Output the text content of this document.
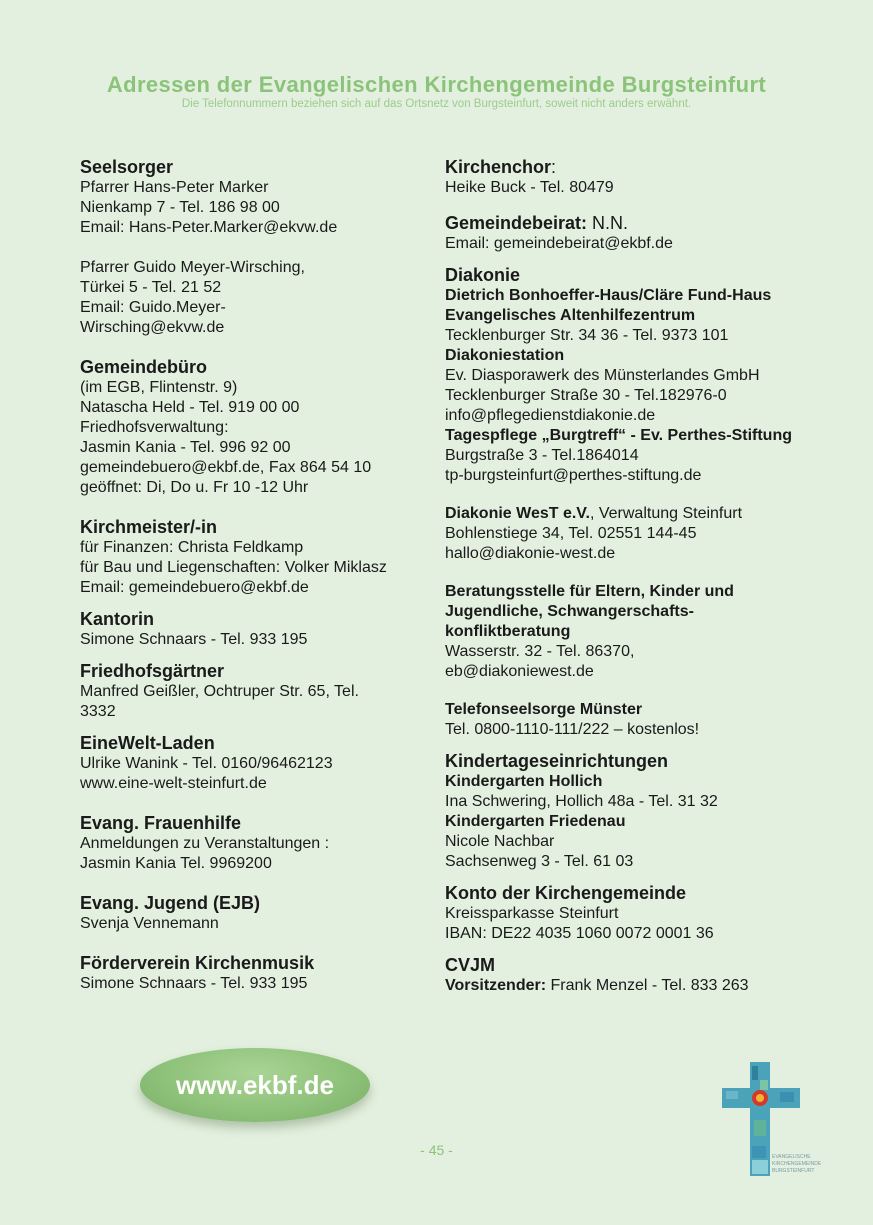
Adressen der Evangelischen Kirchengemeinde Burgsteinfurt
Die Telefonnummern beziehen sich auf das Ortsnetz von Burgsteinfurt, soweit nicht anders erwähnt.
Seelsorger
Pfarrer Hans-Peter Marker
Nienkamp 7 - Tel. 186 98 00
Email: Hans-Peter.Marker@ekvw.de
Pfarrer Guido Meyer-Wirsching,
Türkei 5 - Tel. 21 52
Email: Guido.Meyer-
Wirsching@ekvw.de
Gemeindebüro
(im EGB, Flintenstr. 9)
Natascha Held - Tel. 919 00 00
Friedhofsverwaltung:
Jasmin Kania - Tel. 996 92 00
gemeindebuero@ekbf.de, Fax 864 54 10
geöffnet: Di, Do u. Fr 10 -12 Uhr
Kirchmeister/-in
für Finanzen: Christa Feldkamp
für Bau und Liegenschaften: Volker Miklasz
Email: gemeindebuero@ekbf.de
Kantorin
Simone Schnaars - Tel. 933 195
Friedhofsgärtner
Manfred Geißler, Ochtruper Str. 65, Tel.
3332
EineWelt-Laden
Ulrike Wanink - Tel. 0160/96462123
www.eine-welt-steinfurt.de
Evang. Frauenhilfe
Anmeldungen zu Veranstaltungen :
Jasmin Kania Tel. 9969200
Evang. Jugend (EJB)
Svenja Vennemann
Förderverein Kirchenmusik
Simone Schnaars - Tel. 933 195
Kirchenchor:
Heike Buck - Tel. 80479
Gemeindebeirat: N.N.
Email: gemeindebeirat@ekbf.de
Diakonie
Dietrich Bonhoeffer-Haus/Cläre Fund-Haus
Evangelisches Altenhilfezentrum
Tecklenburger Str. 34 36 - Tel. 9373 101
Diakoniestation
Ev. Diasporawerk des Münsterlandes GmbH
Tecklenburger Straße 30 - Tel.182976-0
info@pflegedienstdiakonie.de
Tagespflege „Burgtreff“ - Ev. Perthes-Stiftung
Burgstraße 3 - Tel.1864014
tp-burgsteinfurt@perthes-stiftung.de
Diakonie WesT e.V., Verwaltung Steinfurt
Bohlenstiege 34, Tel. 02551 144-45
hallo@diakonie-west.de
Beratungsstelle für Eltern, Kinder und
Jugendliche, Schwangerschafts-
konfliktberatung
Wasserstr. 32 - Tel. 86370,
eb@diakoniewest.de
Telefonseelsorge Münster
Tel. 0800-1110-111/222 – kostenlos!
Kindertageseinrichtungen
Kindergarten Hollich
Ina Schwering, Hollich 48a - Tel. 31 32
Kindergarten Friedenau
Nicole Nachbar
Sachsenweg 3 - Tel. 61 03
Konto der Kirchengemeinde
Kreissparkasse Steinfurt
IBAN: DE22 4035 1060 0072 0001 36
CVJM
Vorsitzender: Frank Menzel - Tel. 833 263
www.ekbf.de
- 45 -	EVANGELISCHE
KIRCHENGEMEINDE
BURGSTEINFURT
